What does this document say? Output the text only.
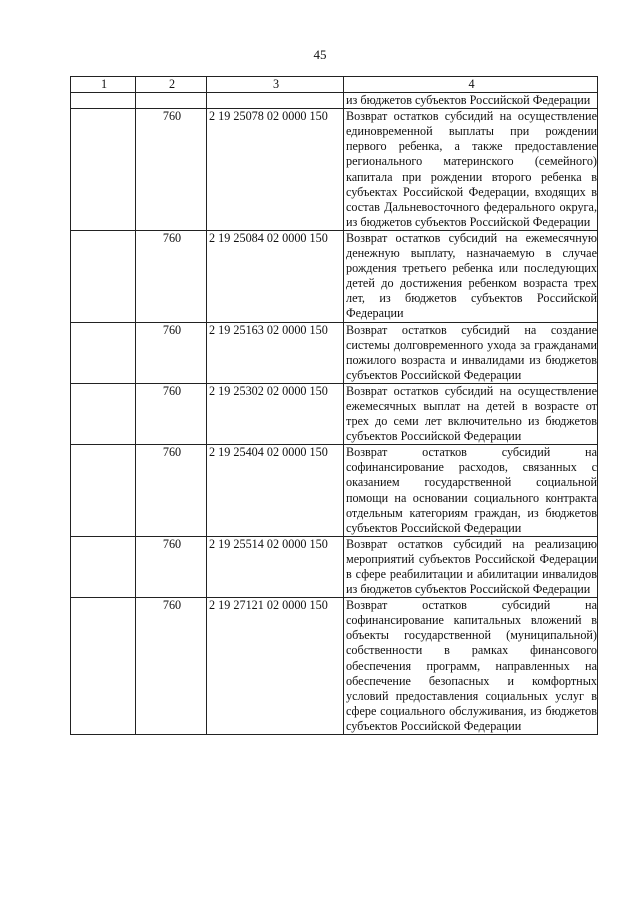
45
1	2	3	4
			из бюджетов субъектов Российской Федерации
	760	2 19 25078 02 0000 150	Возврат остатков субсидий на осуществление единовременной выплаты при рождении первого ребенка, а также предоставление регионального материнского (семейного) капитала при рождении второго ребенка в субъектах Российской Федерации, входящих в состав Дальневосточного федерального округа, из бюджетов субъектов Российской Федерации
	760	2 19 25084 02 0000 150	Возврат остатков субсидий на ежемесячную денежную выплату, назначаемую в случае рождения третьего ребенка или последующих детей до достижения ребенком возраста трех лет, из бюджетов субъектов Российской Федерации
	760	2 19 25163 02 0000 150	Возврат остатков субсидий на создание системы долговременного ухода за гражданами пожилого возраста и инвалидами из бюджетов субъектов Российской Федерации
	760	2 19 25302 02 0000 150	Возврат остатков субсидий на осуществление ежемесячных выплат на детей в возрасте от трех до семи лет включительно из бюджетов субъектов Российской Федерации
	760	2 19 25404 02 0000 150	Возврат остатков субсидий на софинансирование расходов, связанных с оказанием государственной социальной помощи на основании социального контракта отдельным категориям граждан, из бюджетов субъектов Российской Федерации
	760	2 19 25514 02 0000 150	Возврат остатков субсидий на реализацию мероприятий субъектов Российской Федерации в сфере реабилитации и абилитации инвалидов из бюджетов субъектов Российской Федерации
	760	2 19 27121 02 0000 150	Возврат остатков субсидий на софинансирование капитальных вложений в объекты государственной (муниципальной) собственности в рамках финансового обеспечения программ, направленных на обеспечение безопасных и комфортных условий предоставления социальных услуг в сфере социального обслуживания, из бюджетов субъектов Российской Федерации
